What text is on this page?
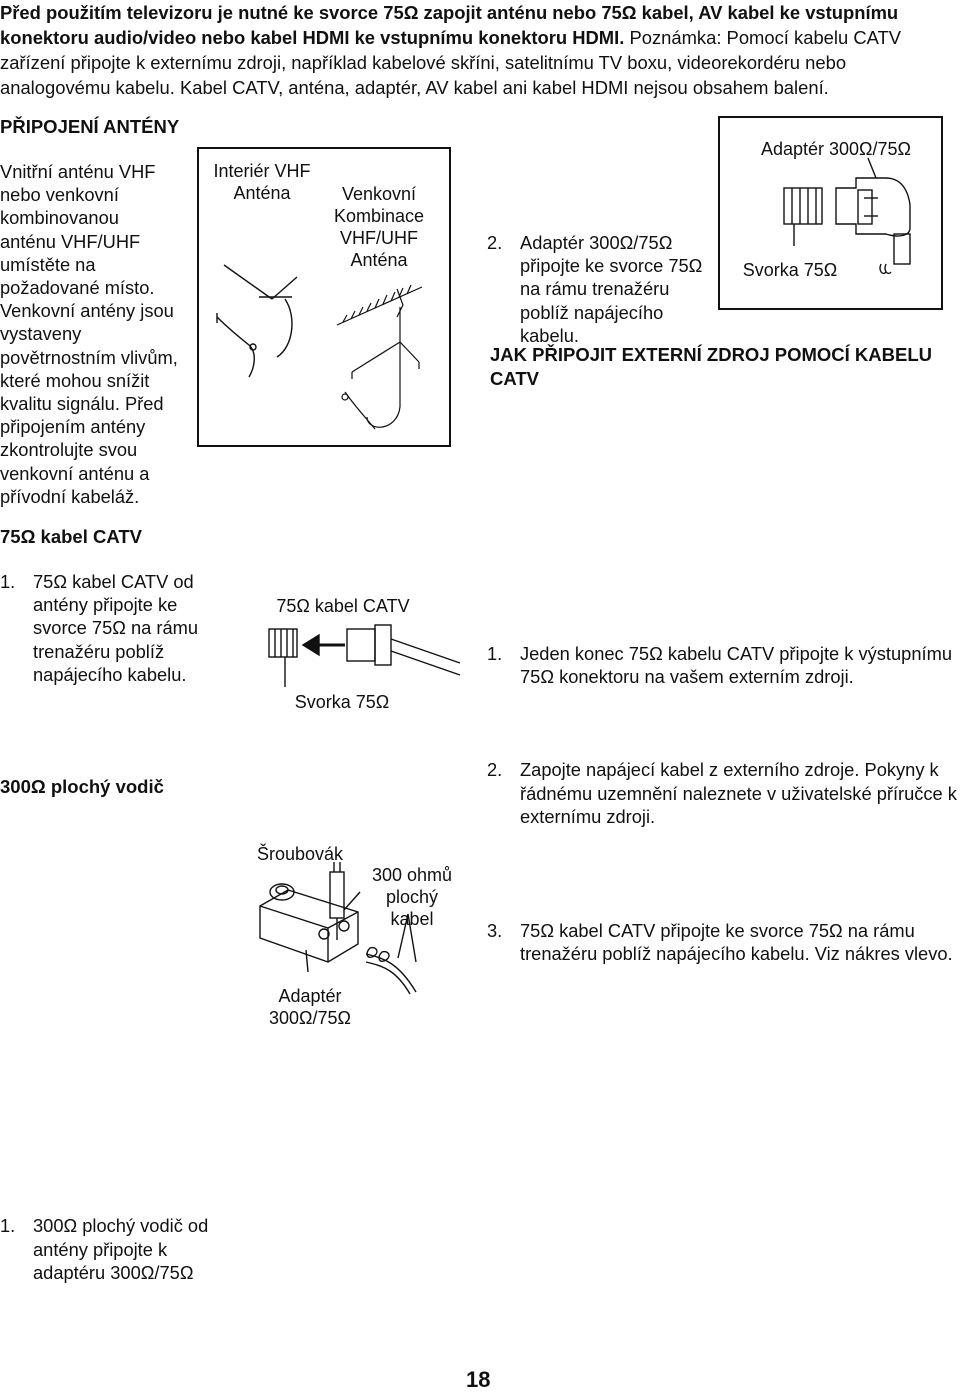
Před použitím televizoru je nutné ke svorce 75Ω zapojit anténu nebo 75Ω kabel, AV kabel ke vstupnímu konektoru audio/video nebo kabel HDMI ke vstupnímu konektoru HDMI. Poznámka: Pomocí kabelu CATV zařízení připojte k externímu zdroji, například kabelové skříni, satelitnímu TV boxu, videorekordéru nebo analogovému kabelu. Kabel CATV, anténa, adaptér, AV kabel ani kabel HDMI nejsou obsahem balení.
PŘIPOJENÍ ANTÉNY
Vnitřní anténu VHF nebo venkovní kombinovanou anténu VHF/UHF umístěte na požadované místo. Venkovní antény jsou vystaveny povětrnostním vlivům, které mohou snížit kvalitu signálu. Před připojením antény zkontrolujte svou venkovní anténu a přívodní kabeláž.
Interiér VHF Anténa	Venkovní Kombinace VHF/UHF Anténa
75Ω kabel CATV
1. 75Ω kabel CATV od antény připojte ke svorce 75Ω na rámu trenažéru poblíž napájecího kabelu.
75Ω kabel CATV
Svorka 75Ω
2. Adaptér 300Ω/75Ω připojte ke svorce 75Ω na rámu trenažéru poblíž napájecího kabelu.
Adaptér 300Ω/75Ω
Svorka 75Ω
JAK PŘIPOJIT EXTERNÍ ZDROJ POMOCÍ KABELU CATV
1. Jeden konec 75Ω kabelu CATV připojte k výstupnímu 75Ω konektoru na vašem externím zdroji.
2. Zapojte napájecí kabel z externího zdroje. Pokyny k řádnému uzemnění naleznete v uživatelské příručce k externímu zdroji.
3. 75Ω kabel CATV připojte ke svorce 75Ω na rámu trenažéru poblíž napájecího kabelu. Viz nákres vlevo.
300Ω plochý vodič
1. 300Ω plochý vodič od antény připojte k adaptéru 300Ω/75Ω
Šroubovák
300 ohmů plochý kabel
Adaptér 300Ω/75Ω
18
